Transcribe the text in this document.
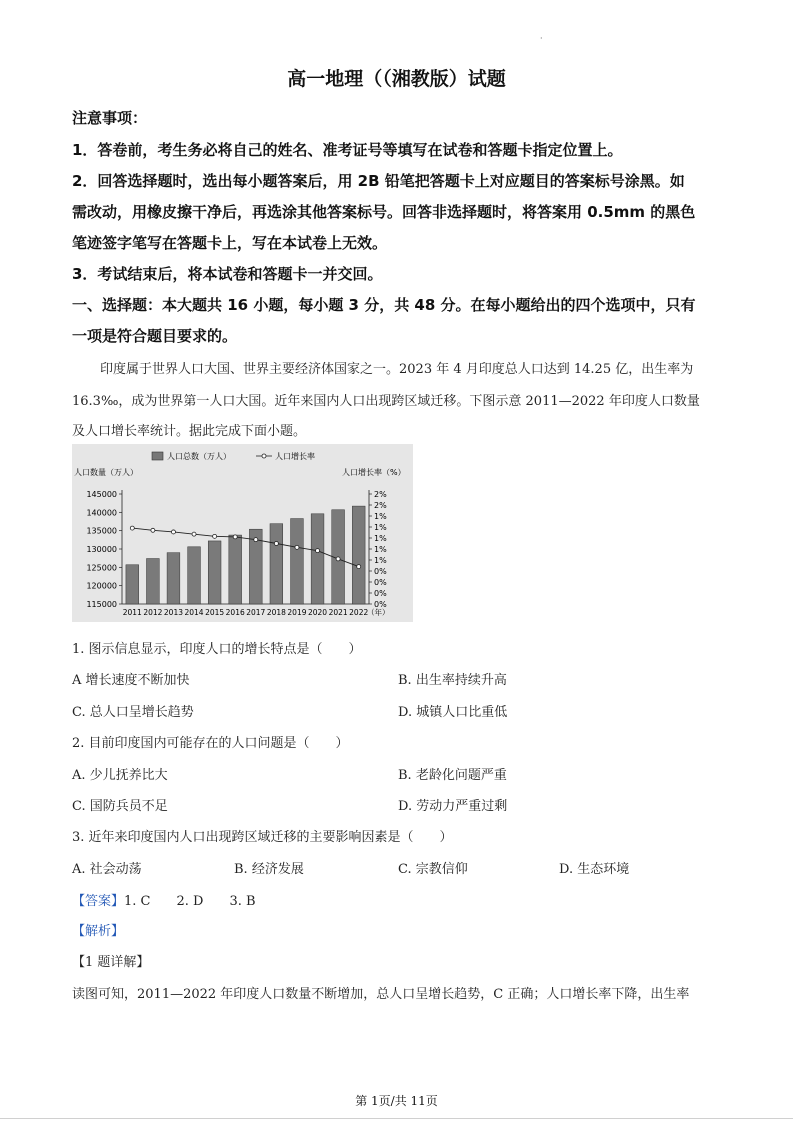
·
高一地理（（湘教版）试题
注意事项：
1．答卷前，考生务必将自己的姓名、准考证号等填写在试卷和答题卡指定位置上。
2．回答选择题时，选出每小题答案后，用 2B 铅笔把答题卡上对应题目的答案标号涂黑。如
需改动，用橡皮擦干净后，再选涂其他答案标号。回答非选择题时，将答案用 0.5mm 的黑色
笔迹签字笔写在答题卡上，写在本试卷上无效。
3．考试结束后，将本试卷和答题卡一并交回。
一、选择题：本大题共 16 小题，每小题 3 分，共 48 分。在每小题给出的四个选项中，只有
一项是符合题目要求的。
印度属于世界人口大国、世界主要经济体国家之一。2023 年 4 月印度总人口达到 14.25 亿，出生率为
16.3‰，成为世界第一人口大国。近年来国内人口出现跨区域迁移。下图示意 2011—2022 年印度人口数量
及人口增长率统计。据此完成下面小题。
人口总数（万人）	人口增长率
人口数量（万人）	人口增长率（%）
145000
140000
135000
130000
125000
120000
115000
2%
2%
1%
1%
1%
1%
1%
0%
0%
0%
0%
2011 2012 2013 2014 2015 2016 2017 2018 2019 2020 2021 2022
（年）
1. 图示信息显示，印度人口的增长特点是（　　）
A 增长速度不断加快	B. 出生率持续升高
C. 总人口呈增长趋势	D. 城镇人口比重低
2. 目前印度国内可能存在的人口问题是（　　）
A. 少儿抚养比大	B. 老龄化问题严重
C. 国防兵员不足	D. 劳动力严重过剩
3. 近年来印度国内人口出现跨区域迁移的主要影响因素是（　　）
A. 社会动荡	B. 经济发展	C. 宗教信仰	D. 生态环境
【答案】1. C　　2. D　　3. B
【解析】
【1 题详解】
读图可知，2011—2022 年印度人口数量不断增加，总人口呈增长趋势，C 正确；人口增长率下降，出生率
第 1页/共 11页
